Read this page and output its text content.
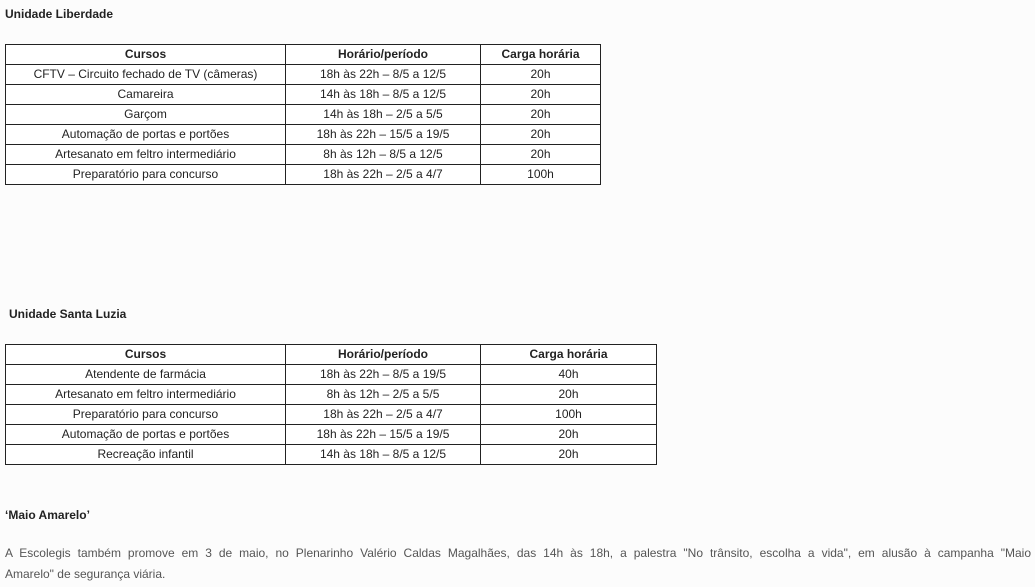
Unidade Liberdade
Cursos	Horário/período	Carga horária
CFTV – Circuito fechado de TV (câmeras)	18h às 22h – 8/5 a 12/5	20h
Camareira	14h às 18h – 8/5 a 12/5	20h
Garçom	14h às 18h – 2/5 a 5/5	20h
Automação de portas e portões	18h às 22h – 15/5 a 19/5	20h
Artesanato em feltro intermediário	8h às 12h – 8/5 a 12/5	20h
Preparatório para concurso	18h às 22h – 2/5 a 4/7	100h
Unidade Santa Luzia
Cursos	Horário/período	Carga horária
Atendente de farmácia	18h às 22h – 8/5 a 19/5	40h
Artesanato em feltro intermediário	8h às 12h – 2/5 a 5/5	20h
Preparatório para concurso	18h às 22h – 2/5 a 4/7	100h
Automação de portas e portões	18h às 22h – 15/5 a 19/5	20h
Recreação infantil	14h às 18h – 8/5 a 12/5	20h
‘Maio Amarelo’
A Escolegis também promove em 3 de maio, no Plenarinho Valério Caldas Magalhães, das 14h às 18h, a palestra "No trânsito, escolha a vida", em alusão à campanha "Maio
Amarelo" de segurança viária.
